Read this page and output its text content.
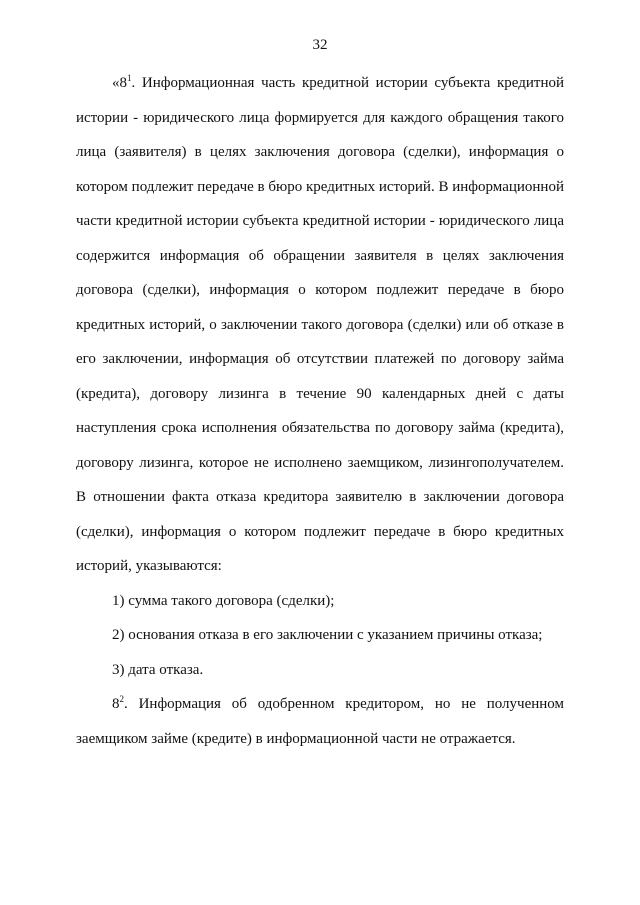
32

«$8^1$. Информационная часть кредитной истории субъекта кредитной истории - юридического лица формируется для каждого обращения такого лица (заявителя) в целях заключения договора (сделки), информация о котором подлежит передаче в бюро кредитных историй. В информационной части кредитной истории субъекта кредитной истории - юридического лица содержится информация об обращении заявителя в целях заключения договора (сделки), информация о котором подлежит передаче в бюро кредитных историй, о заключении такого договора (сделки) или об отказе в его заключении, информация об отсутствии платежей по договору займа (кредита), договору лизинга в течение 90 календарных дней с даты наступления срока исполнения обязательства по договору займа (кредита), договору лизинга, которое не исполнено заемщиком, лизингополучателем. В отношении факта отказа кредитора заявителю в заключении договора (сделки), информация о котором подлежит передаче в бюро кредитных историй, указываются:

1) сумма такого договора (сделки);

2) основания отказа в его заключении с указанием причины отказа;

3) дата отказа.

$8^2$. Информация об одобренном кредитором, но не полученном заемщиком займе (кредите) в информационной части не отражается.
